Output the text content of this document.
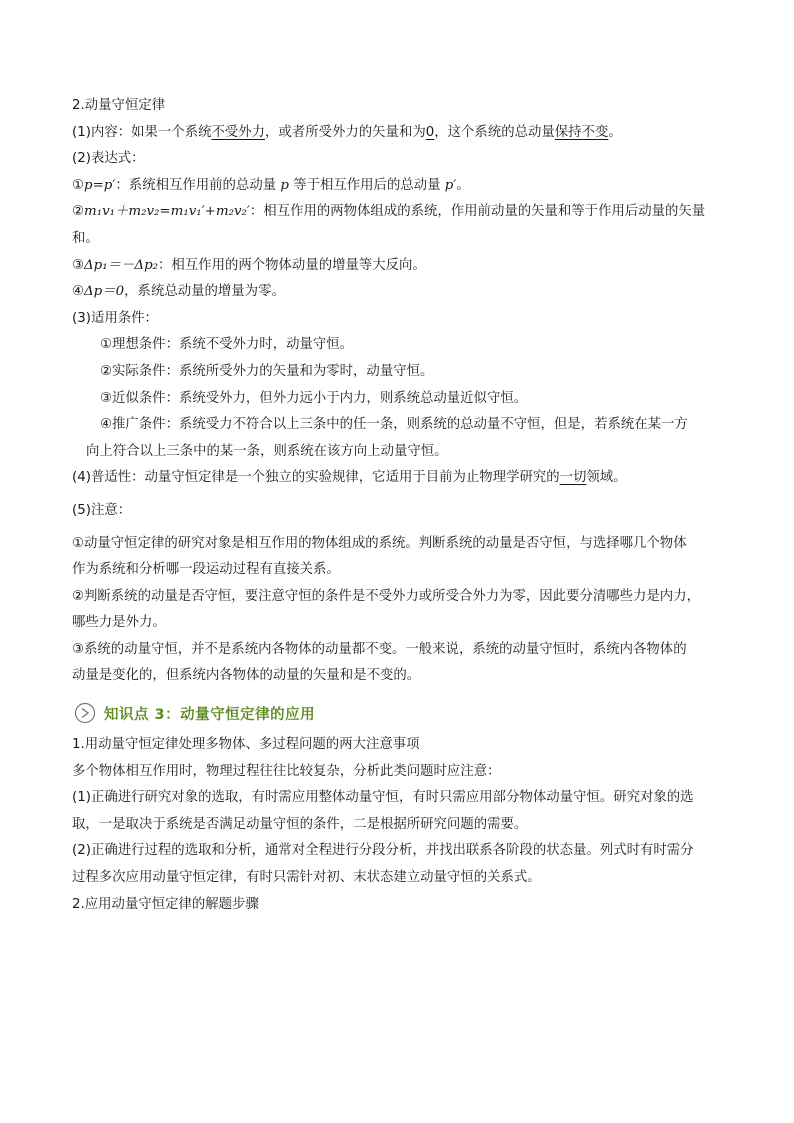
2.动量守恒定律
(1)内容：如果一个系统不受外力，或者所受外力的矢量和为0，这个系统的总动量保持不变。
(2)表达式：
①p=p′：系统相互作用前的总动量 p 等于相互作用后的总动量 p′。
②m₁v₁＋m₂v₂=m₁v₁′+m₂v₂′：相互作用的两物体组成的系统，作用前动量的矢量和等于作用后动量的矢量
和。
③Δp₁＝－Δp₂：相互作用的两个物体动量的增量等大反向。
④Δp＝0，系统总动量的增量为零。
(3)适用条件：
①理想条件：系统不受外力时，动量守恒。
②实际条件：系统所受外力的矢量和为零时，动量守恒。
③近似条件：系统受外力，但外力远小于内力，则系统总动量近似守恒。
④推广条件：系统受力不符合以上三条中的任一条，则系统的总动量不守恒，但是，若系统在某一方
向上符合以上三条中的某一条，则系统在该方向上动量守恒。
(4)普适性：动量守恒定律是一个独立的实验规律，它适用于目前为止物理学研究的一切领域。
(5)注意：
①动量守恒定律的研究对象是相互作用的物体组成的系统。判断系统的动量是否守恒，与选择哪几个物体
作为系统和分析哪一段运动过程有直接关系。
②判断系统的动量是否守恒，要注意守恒的条件是不受外力或所受合外力为零，因此要分清哪些力是内力，
哪些力是外力。
③系统的动量守恒，并不是系统内各物体的动量都不变。一般来说，系统的动量守恒时，系统内各物体的
动量是变化的，但系统内各物体的动量的矢量和是不变的。
知识点 3：动量守恒定律的应用
1.用动量守恒定律处理多物体、多过程问题的两大注意事项
多个物体相互作用时，物理过程往往比较复杂，分析此类问题时应注意：
(1)正确进行研究对象的选取，有时需应用整体动量守恒，有时只需应用部分物体动量守恒。研究对象的选
取，一是取决于系统是否满足动量守恒的条件，二是根据所研究问题的需要。
(2)正确进行过程的选取和分析，通常对全程进行分段分析，并找出联系各阶段的状态量。列式时有时需分
过程多次应用动量守恒定律，有时只需针对初、末状态建立动量守恒的关系式。
2.应用动量守恒定律的解题步骤
